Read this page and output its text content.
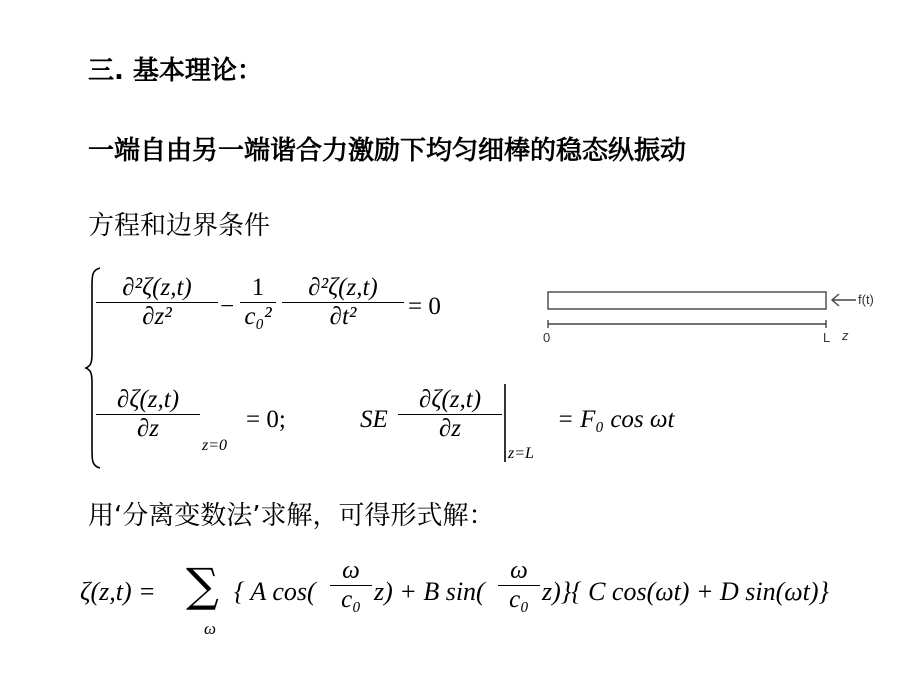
三. 基本理论：
一端自由另一端谐合力激励下均匀细棒的稳态纵振动
方程和边界条件
$\frac{\text{∂²ζ(z,t)}}{\text{∂z²}} - \frac{1}{\text{c₀²}} \frac{\text{∂²ζ(z,t)}}{\text{∂t²}} = 0$
$\frac{\partial\zeta(z,t)}{\partial z}$
z=0
= 0;	SE $\frac{\partial\zeta(z,t)}{\partial z}$
z=L
= F₀ cos ωt
f(t)
0	L z
用‘分离变数法’求解，可得形式解：
ζ(z,t) = ∑
ω
{ A $\cos( \frac{\omega}{\text{c₀}} z) + B$ $\sin( \frac{\omega}{\text{c₀}} z)$}{ C cos(ωt) + D sin(ωt)}
